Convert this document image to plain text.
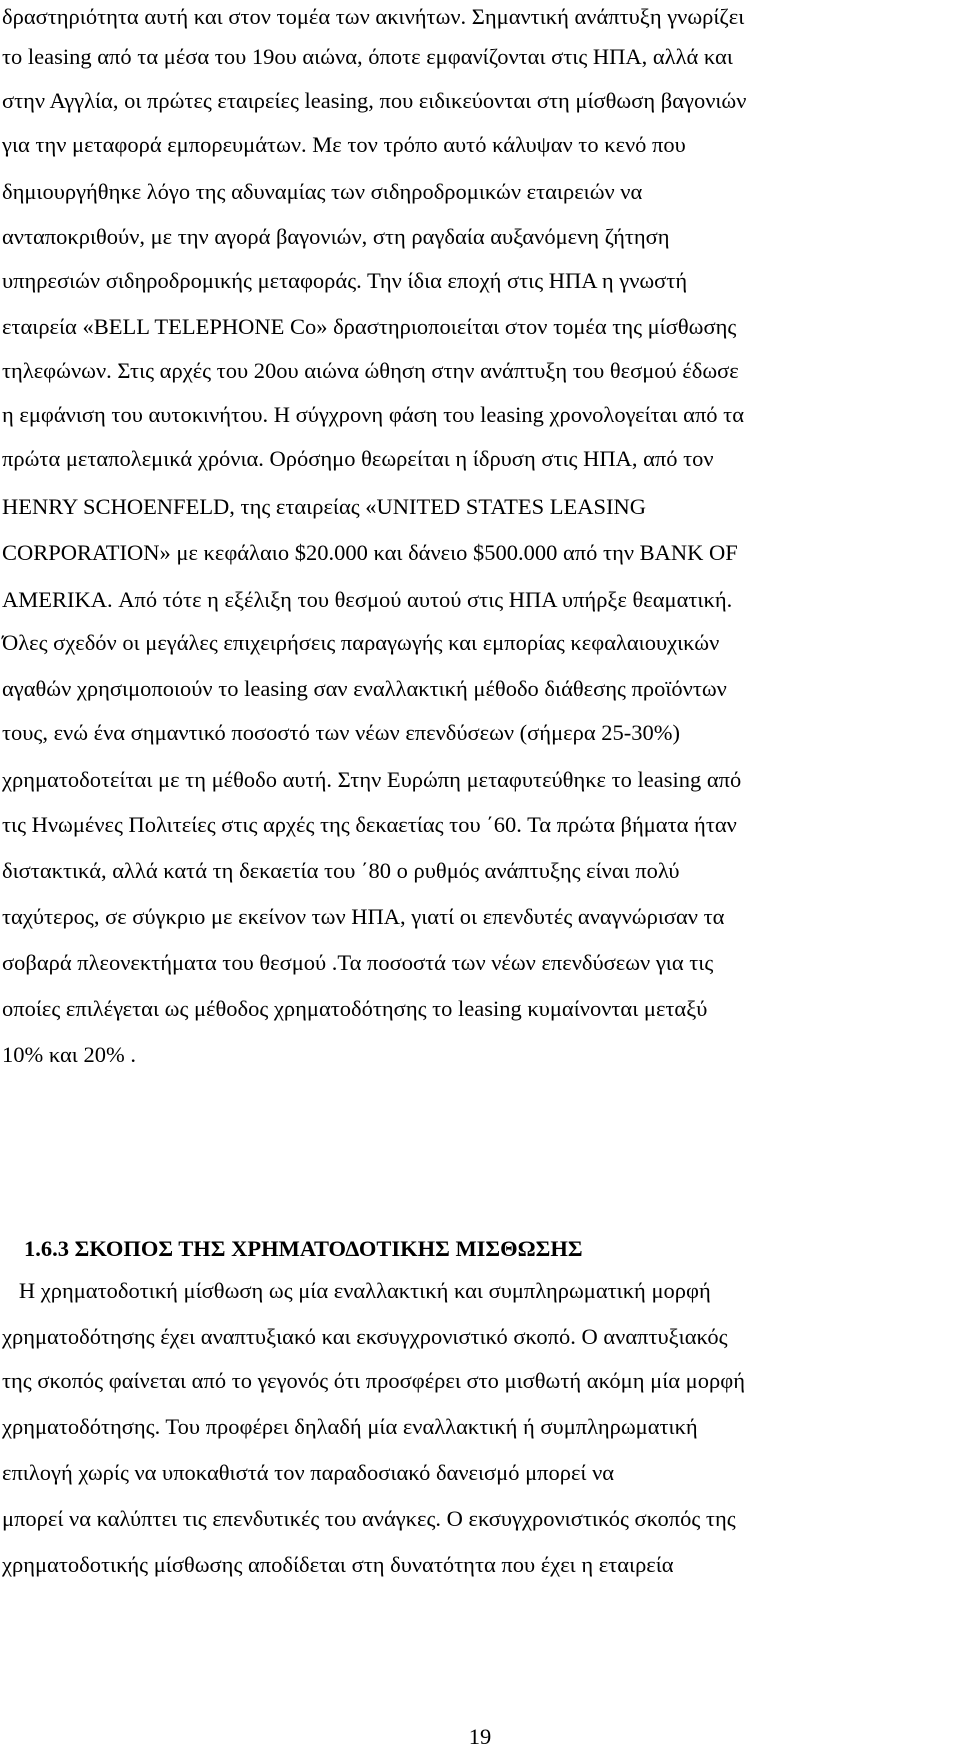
δραστηριότητα αυτή και στον τομέα των ακινήτων. Σημαντική ανάπτυξη γνωρίζει
το leasing από τα μέσα του 19ου αιώνα, όποτε εμφανίζονται στις ΗΠΑ, αλλά και
στην Αγγλία, οι πρώτες εταιρείες leasing, που ειδικεύονται στη μίσθωση βαγονιών
για την μεταφορά εμπορευμάτων. Με τον τρόπο αυτό κάλυψαν το κενό που
δημιουργήθηκε λόγο της αδυναμίας των σιδηροδρομικών εταιρειών να
ανταποκριθούν, με την αγορά βαγονιών, στη ραγδαία αυξανόμενη ζήτηση
υπηρεσιών σιδηροδρομικής μεταφοράς. Την ίδια εποχή στις ΗΠΑ η γνωστή
εταιρεία «BELL TELEPHONE Co» δραστηριοποιείται στον τομέα της μίσθωσης
τηλεφώνων. Στις αρχές του 20ου αιώνα ώθηση στην ανάπτυξη του θεσμού έδωσε
η εμφάνιση του αυτοκινήτου. Η σύγχρονη φάση του leasing χρονολογείται από τα
πρώτα μεταπολεμικά χρόνια. Ορόσημο θεωρείται η ίδρυση στις ΗΠΑ, από τον
HENRY SCHOENFELD, της εταιρείας «UNITED STATES LEASING
CORPORATION» με κεφάλαιο $20.000 και δάνειο $500.000 από την BANK OF
AMERIKA. Από τότε η εξέλιξη του θεσμού αυτού στις ΗΠΑ υπήρξε θεαματική.
Όλες σχεδόν οι μεγάλες επιχειρήσεις παραγωγής και εμπορίας κεφαλαιουχικών
αγαθών χρησιμοποιούν το leasing σαν εναλλακτική μέθοδο διάθεσης προϊόντων
τους, ενώ ένα σημαντικό ποσοστό των νέων επενδύσεων (σήμερα 25-30%)
χρηματοδοτείται με τη μέθοδο αυτή. Στην Ευρώπη μεταφυτεύθηκε το leasing από
τις Ηνωμένες Πολιτείες στις αρχές της δεκαετίας του ΄60. Τα πρώτα βήματα ήταν
διστακτικά, αλλά κατά τη δεκαετία του ΄80 ο ρυθμός ανάπτυξης είναι πολύ
ταχύτερος, σε σύγκριο με εκείνον των ΗΠΑ, γιατί οι επενδυτές αναγνώρισαν τα
σοβαρά πλεονεκτήματα του θεσμού .Τα ποσοστά των νέων επενδύσεων για τις
οποίες επιλέγεται ως μέθοδος χρηματοδότησης το leasing κυμαίνονται μεταξύ
10% και 20% .
1.6.3 ΣΚΟΠΟΣ ΤΗΣ ΧΡΗΜΑΤΟΔΟΤΙΚΗΣ ΜΙΣΘΩΣΗΣ
Η χρηματοδοτική μίσθωση ως μία εναλλακτική και συμπληρωματική μορφή
χρηματοδότησης έχει αναπτυξιακό και εκσυγχρονιστικό σκοπό. Ο αναπτυξιακός
της σκοπός φαίνεται από το γεγονός ότι προσφέρει στο μισθωτή ακόμη μία μορφή
χρηματοδότησης. Του προφέρει δηλαδή μία εναλλακτική ή συμπληρωματική
επιλογή χωρίς να υποκαθιστά τον παραδοσιακό δανεισμό μπορεί να
μπορεί να καλύπτει τις επενδυτικές του ανάγκες. Ο εκσυγχρονιστικός σκοπός της
χρηματοδοτικής μίσθωσης αποδίδεται στη δυνατότητα που έχει η εταιρεία
19
